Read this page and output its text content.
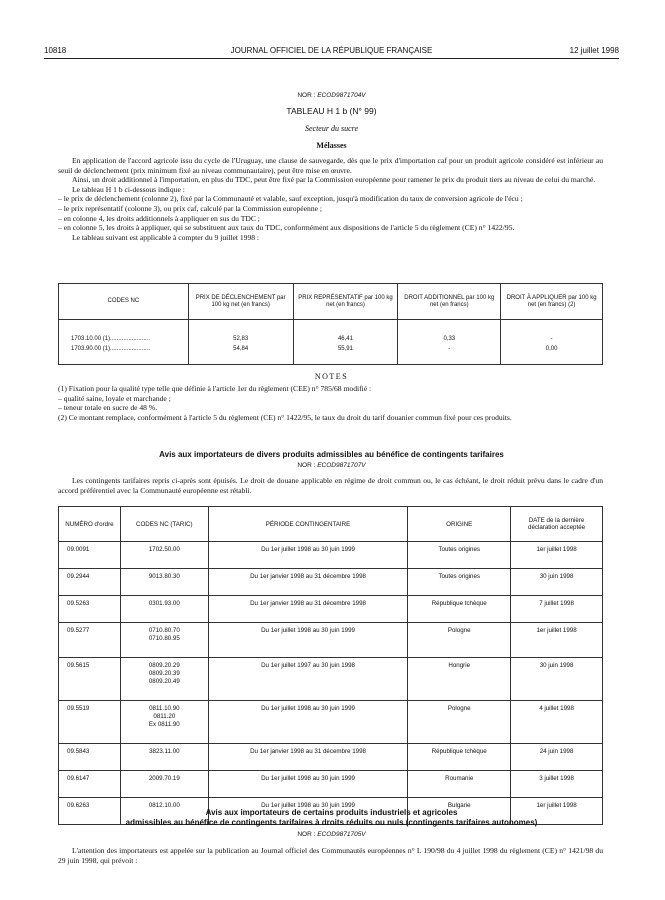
10818	JOURNAL OFFICIEL DE LA RÉPUBLIQUE FRANÇAISE	12 juillet 1998
NOR : ECOD9871704V
TABLEAU H 1 b (N° 99)
Secteur du sucre
Mélasses

En application de l'accord agricole issu du cycle de l'Uruguay, une clause de sauvegarde, dès que le prix d'importation caf pour un produit agricole considéré est inférieur au seuil de déclenchement (prix minimum fixé au niveau communautaire), peut être mise en œuvre.

Ainsi, un droit additionnel à l'importation, en plus du TDC, peut être fixé par la Commission européenne pour ramener le prix du produit tiers au niveau de celui du marché.

Le tableau H 1 b ci-dessous indique :

– le prix de déclenchement (colonne 2), fixé par la Communauté et valable, sauf exception, jusqu'à modification du taux de conversion agricole de l'écu ;

– le prix représentatif (colonne 3), ou prix caf, calculé par la Commission européenne ;

– en colonne 4, les droits additionnels à appliquer en sus du TDC ;

– en colonne 5, les droits à appliquer, qui se substituent aux taux du TDC, conformément aux dispositions de l'article 5 du règlement (CE) n° 1422/95.

Le tableau suivant est applicable à compter du 9 juillet 1998 :

CODES NC	PRIX DE DÉCLENCHEMENT par 100 kg net (en francs)	PRIX REPRÉSENTATIF par 100 kg net (en francs)	DROIT ADDITIONNEL par 100 kg net (en francs)	DROIT À APPLIQUER par 100 kg net (en francs) (2)

1703.10.00 (1)........................	52,83	46,41	0,33	-
1703.90.00 (1)........................	54,84	55,91	-	0,00

NOTES

(1) Fixation pour la qualité type telle que définie à l'article 1er du règlement (CEE) n° 785/68 modifié :

– qualité saine, loyale et marchande ;

– teneur totale en sucre de 48 %.

(2) Ce montant remplace, conformément à l'article 5 du règlement (CE) n° 1422/95, le taux du droit du tarif douanier commun fixé pour ces produits.

Avis aux importateurs de divers produits admissibles au bénéfice de contingents tarifaires
NOR : ECOD9871707V

Les contingents tarifaires repris ci-après sont épuisés. Le droit de douane applicable en régime de droit commun ou, le cas échéant, le droit réduit prévu dans le cadre d'un accord préférentiel avec la Communauté européenne est rétabli.

NUMÉRO d'ordre	CODES NC (TARIC)	PÉRIODE CONTINGENTAIRE	ORIGINE	DATE de la dernière déclaration acceptée
09.0091	1702.50.00	Du 1er juillet 1998 au 30 juin 1999	Toutes origines	1er juillet 1998
09.2944	9013.80.30	Du 1er janvier 1998 au 31 décembre 1998	Toutes origines	30 juin 1998
09.5263	0301.93.00	Du 1er janvier 1998 au 31 décembre 1998	République tchèque	7 juillet 1998
09.5277	0710.80.70
0710.80.95	Du 1er juillet 1998 au 30 juin 1999	Pologne	1er juillet 1998
09.5615	0809.20.29
0809.20.39
0809.20.49	Du 1er juillet 1997 au 30 juin 1998	Hongrie	30 juin 1998
09.5519	0811.10.90
0811.20
Ex 0811.90	Du 1er juillet 1998 au 30 juin 1999	Pologne	4 juillet 1998
09.5843	3823.11.00	Du 1er janvier 1998 au 31 décembre 1998	République tchèque	24 juin 1998
09.6147	2009.70.19	Du 1er juillet 1998 au 30 juin 1999	Roumanie	3 juillet 1998
09.6263	0812.10.00	Du 1er juillet 1998 au 30 juin 1999	Bulgarie	1er juillet 1998
Avis aux importateurs de certains produits industriels et agricoles
admissibles au bénéfice de contingents tarifaires à droits réduits ou nuls (contingents tarifaires autonomes)
NOR : ECOD9871705V

L'attention des importateurs est appelée sur la publication au Journal officiel des Communautés européennes n° L 190/98 du 4 juillet 1998 du règlement (CE) n° 1421/98 du 29 juin 1998, qui prévoit :
